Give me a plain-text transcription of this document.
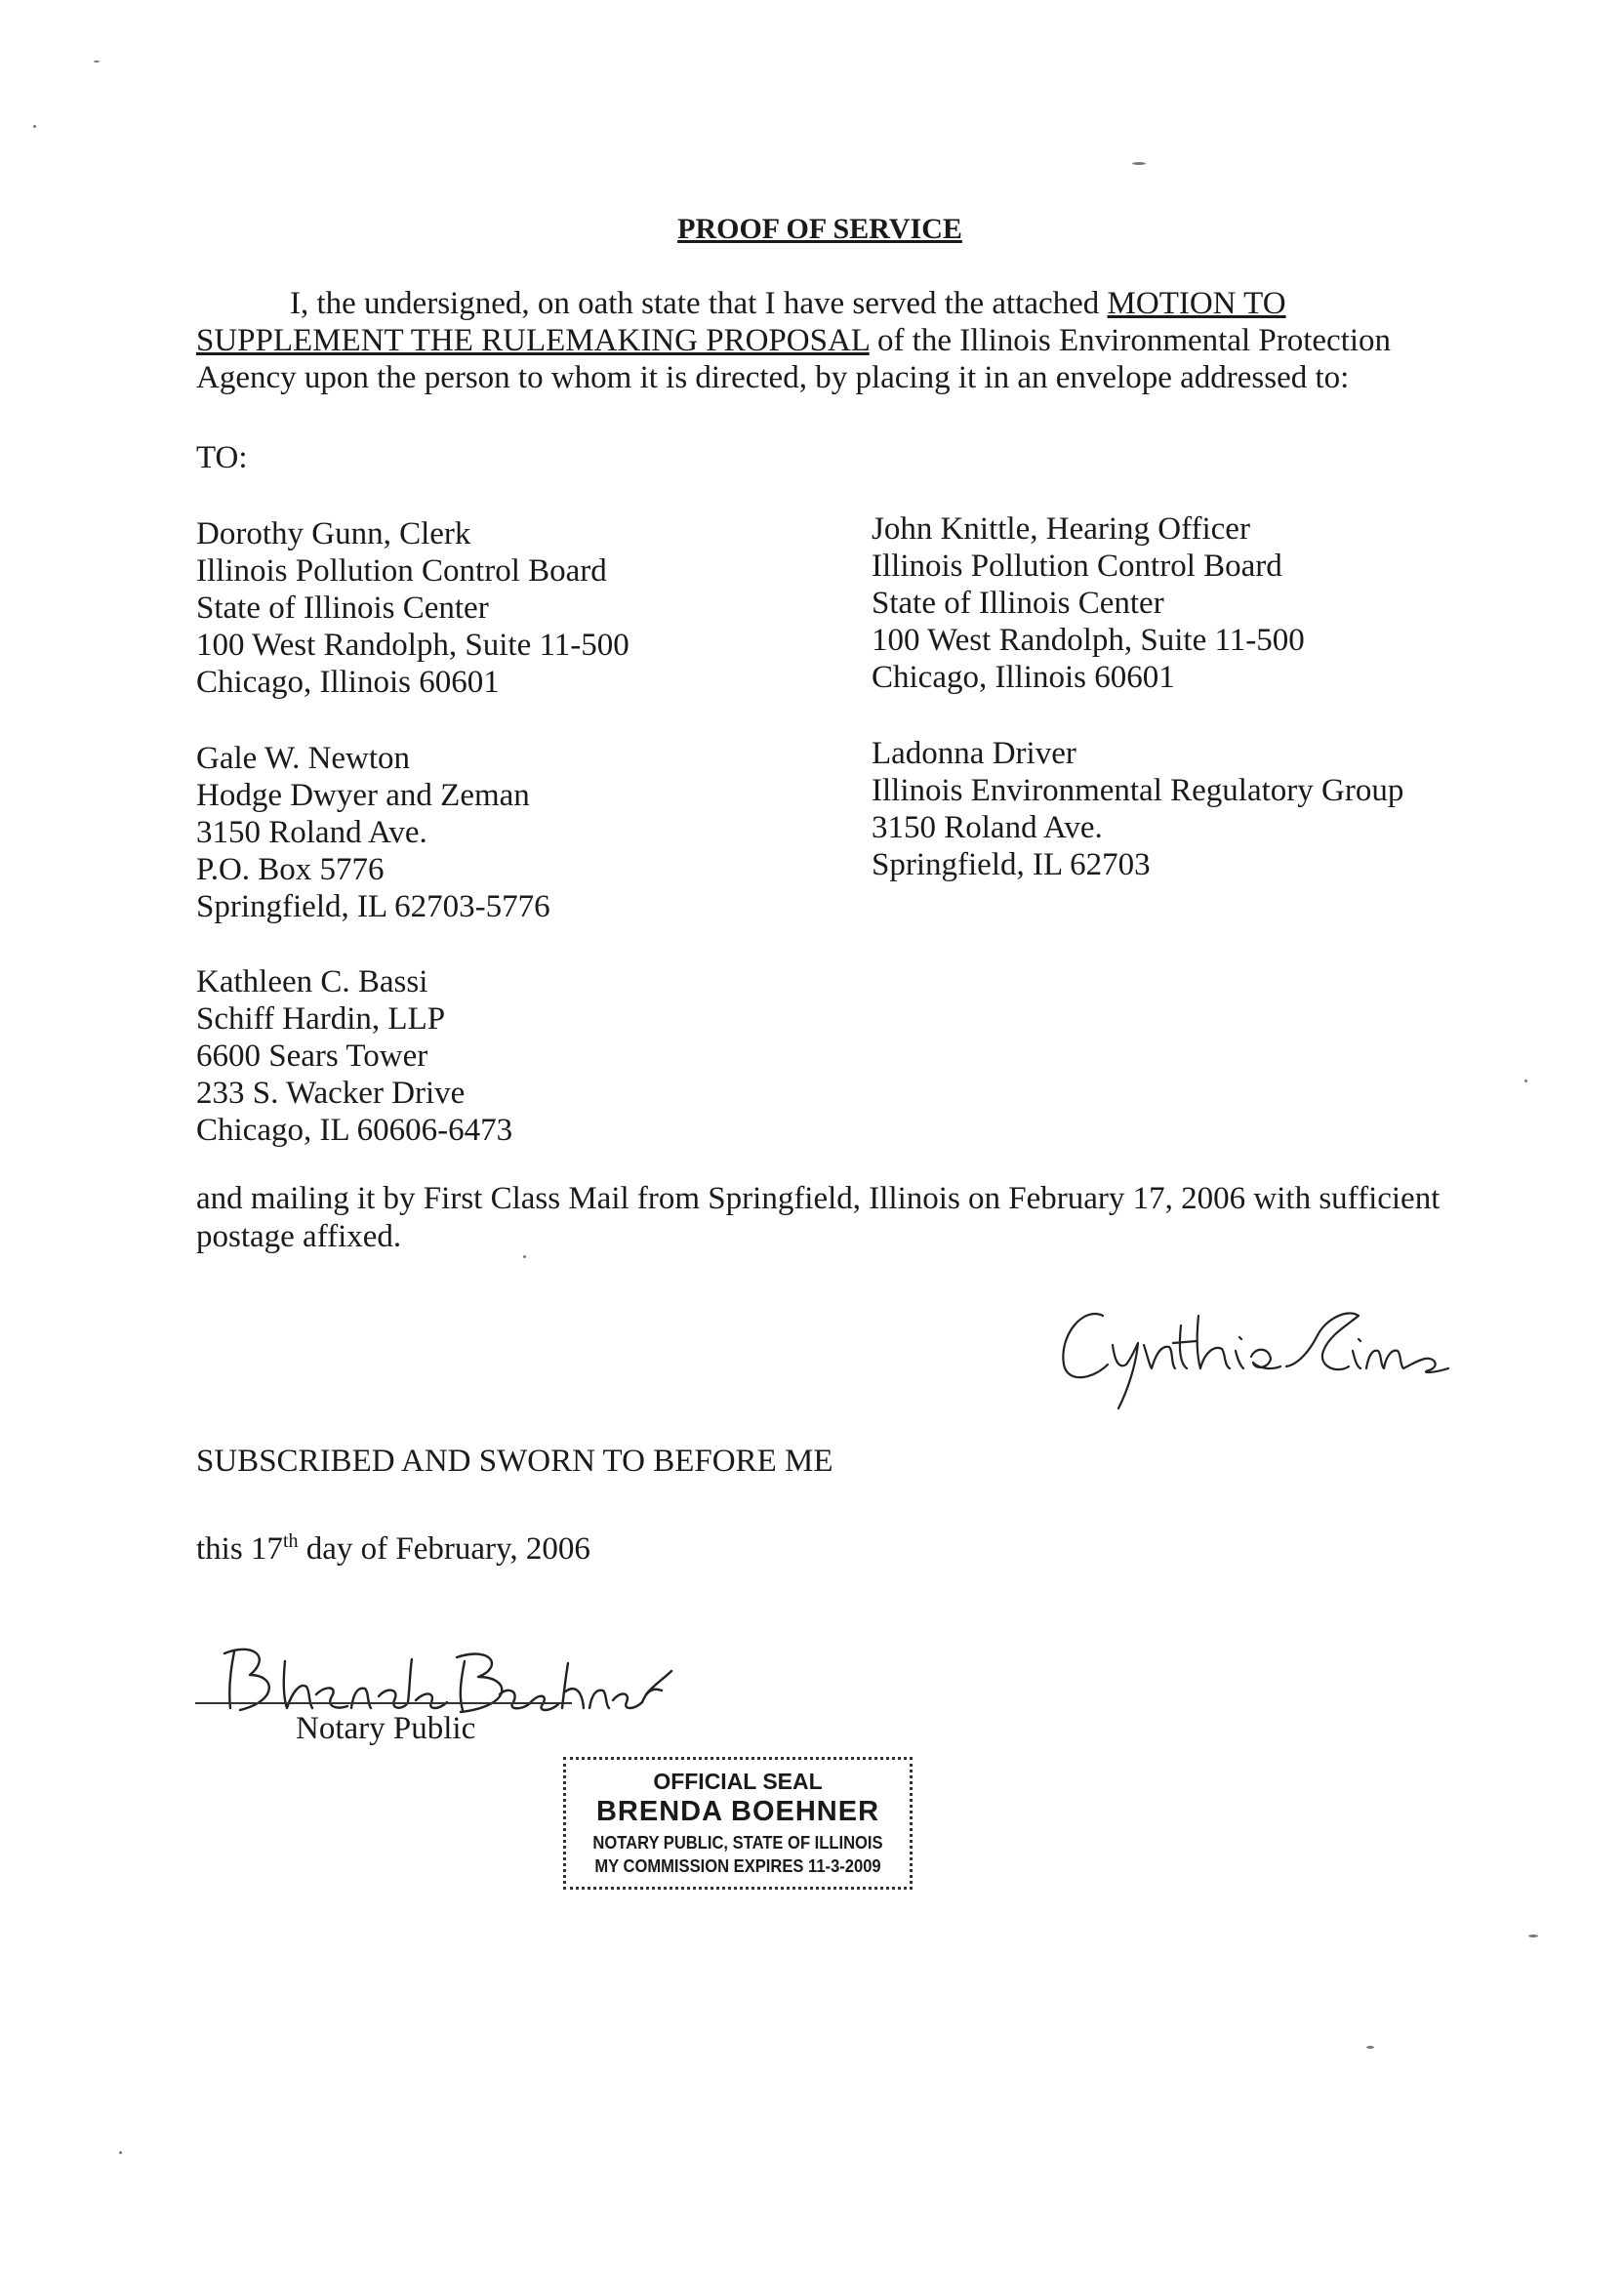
PROOF OF SERVICE
I, the undersigned, on oath state that I have served the attached MOTION TO
SUPPLEMENT THE RULEMAKING PROPOSAL of the Illinois Environmental Protection
Agency upon the person to whom it is directed, by placing it in an envelope addressed to:
TO:
Dorothy Gunn, Clerk
Illinois Pollution Control Board
State of Illinois Center
100 West Randolph, Suite 11-500
Chicago, Illinois 60601
John Knittle, Hearing Officer
Illinois Pollution Control Board
State of Illinois Center
100 West Randolph, Suite 11-500
Chicago, Illinois 60601
Gale W. Newton
Hodge Dwyer and Zeman
3150 Roland Ave.
P.O. Box 5776
Springfield, IL 62703-5776
Ladonna Driver
Illinois Environmental Regulatory Group
3150 Roland Ave.
Springfield, IL 62703
Kathleen C. Bassi
Schiff Hardin, LLP
6600 Sears Tower
233 S. Wacker Drive
Chicago, IL 60606-6473
and mailing it by First Class Mail from Springfield, Illinois on February 17, 2006 with sufficient
postage affixed.
SUBSCRIBED AND SWORN TO BEFORE ME
this 17th day of February, 2006
Notary Public
OFFICIAL SEAL
BRENDA BOEHNER
NOTARY PUBLIC, STATE OF ILLINOIS
MY COMMISSION EXPIRES 11-3-2009
